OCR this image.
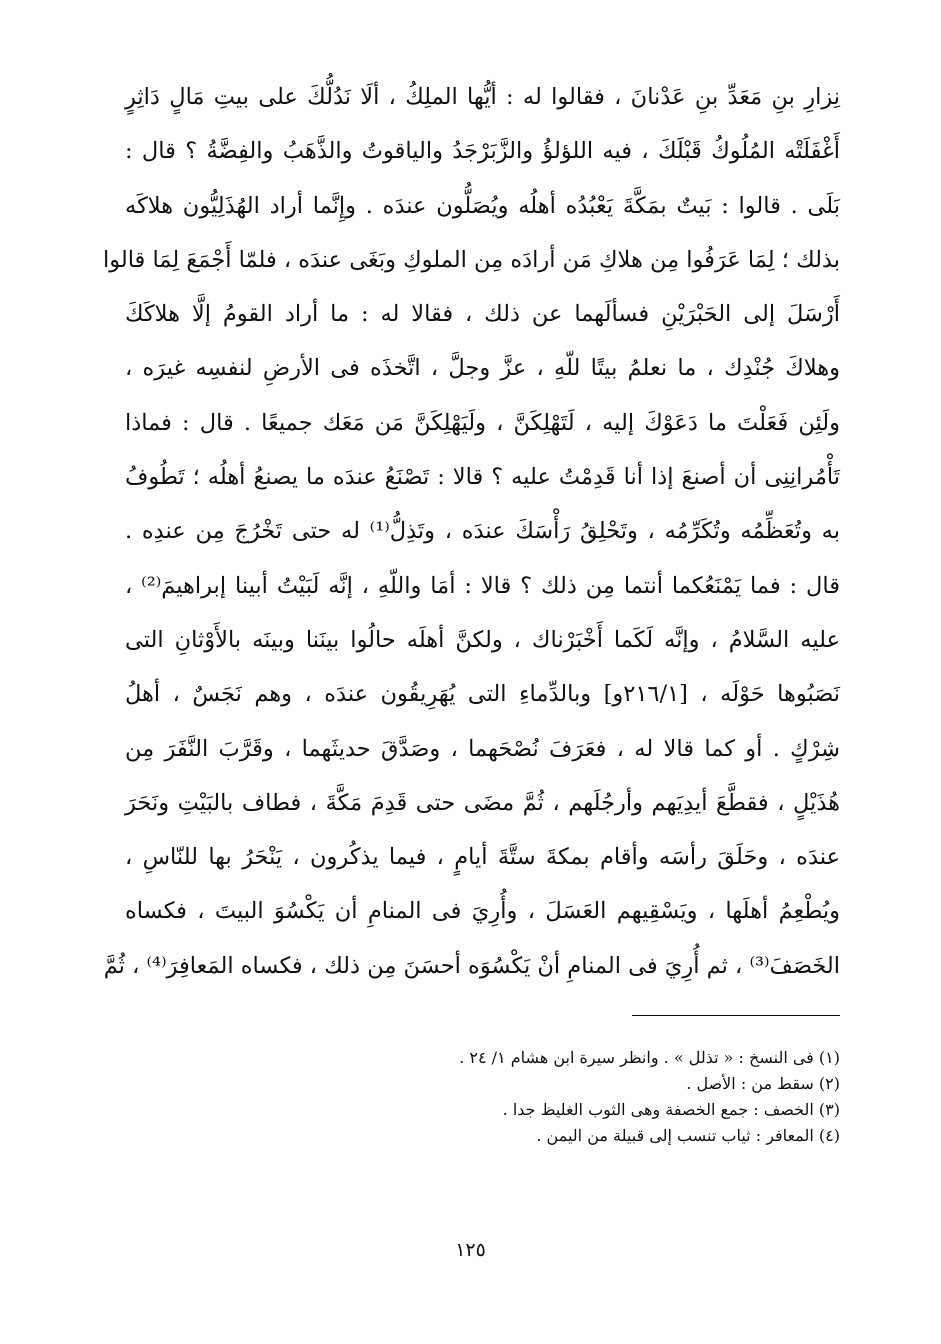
نِزارِ بنِ مَعَدِّ بنِ عَدْنانَ ، فقالوا له : أيُّها الملِكُ ، ألَا نَدُلُّكَ على بيتِ مَالٍ دَاثِرٍ
أَغْفَلَتْه المُلُوكُ قَبْلَكَ ، فيه اللؤلؤُ والزَّبَرْجَدُ والياقوتُ والذَّهَبُ والفِضَّةُ ؟ قال :
بَلَى . قالوا : بَيتٌ بمَكَّةَ يَعْبُدُه أهلُه ويُصَلُّون عندَه . وإِنَّما أراد الهُذَلِيُّون هلاكَه
بذلك ؛ لِمَا عَرَفُوا مِن هلاكِ مَن أرادَه مِن الملوكِ وبَغَى عندَه ، فلمّا أَجْمَعَ لِمَا قالوا
أَرْسَلَ إلى الحَبْرَيْنِ فسألَهما عن ذلك ، فقالا له : ما أراد القومُ إلَّا هلاكَكَ
وهلاكَ جُنْدِك ، ما نعلمُ بيتًا للّهِ ، عزَّ وجلَّ ، اتَّخذَه فى الأرضِ لنفسِه غيرَه ،
ولَئِن فَعَلْتَ ما دَعَوْكَ إليه ، لَتَهْلِكَنَّ ، ولَيَهْلِكَنَّ مَن مَعَك جميعًا . قال : فماذا
تَأْمُرانِنِى أن أصنعَ إذا أنا قَدِمْتُ عليه ؟ قالا : تَصْنَعُ عندَه ما يصنعُ أهلُه ؛ تَطُوفُ
به وتُعَظِّمُه وتُكَرِّمُه ، وتَحْلِقُ رَأْسَكَ عندَه ، وتَذِلُّ⁽¹⁾ له حتى تَخْرُجَ مِن عندِه .
قال : فما يَمْنَعُكما أنتما مِن ذلك ؟ قالا : أمَا واللّهِ ، إنَّه لَبَيْتُ أبينا إبراهيمَ⁽²⁾ ،
عليه السَّلامُ ، وإنَّه لَكَما أَخْبَرْناك ، ولكنَّ أهلَه حالُوا بينَنا وبينَه بالأَوْثانِ التى
نَصَبُوها حَوْلَه ، [٢١٦/١و] وبالدِّماءِ التى يُهَرِيقُون عندَه ، وهم نَجَسٌ ، أهلُ
شِرْكٍ . أو كما قالا له ، فعَرَفَ نُصْحَهما ، وصَدَّقَ حديثَهما ، وقَرَّبَ النَّفَرَ مِن
هُذَيْلٍ ، فقطَّعَ أيدِيَهم وأرجُلَهم ، ثُمَّ مضَى حتى قَدِمَ مَكَّةَ ، فطاف بالبَيْتِ ونَحَرَ
عندَه ، وحَلَقَ رأسَه وأقام بمكةَ ستَّةَ أيامٍ ، فيما يذكُرون ، يَنْحَرُ بها للنّاسِ ،
ويُطْعِمُ أهلَها ، ويَسْقِيهم العَسَلَ ، وأُرِيَ فى المنامِ أن يَكْسُوَ البيتَ ، فكساه
الخَصَفَ⁽³⁾ ، ثم أُرِيَ فى المنامِ أنْ يَكْسُوَه أحسَنَ مِن ذلك ، فكساه المَعافِرَ⁽⁴⁾ ، ثُمَّ
(١) فى النسخ : « تذلل » . وانظر سيرة ابن هشام ١/ ٢٤ .
(٢) سقط من : الأصل .
(٣) الخصف : جمع الخصفة وهى الثوب الغليظ جدا .
(٤) المعافر : ثياب تنسب إلى قبيلة من اليمن .
١٢٥
